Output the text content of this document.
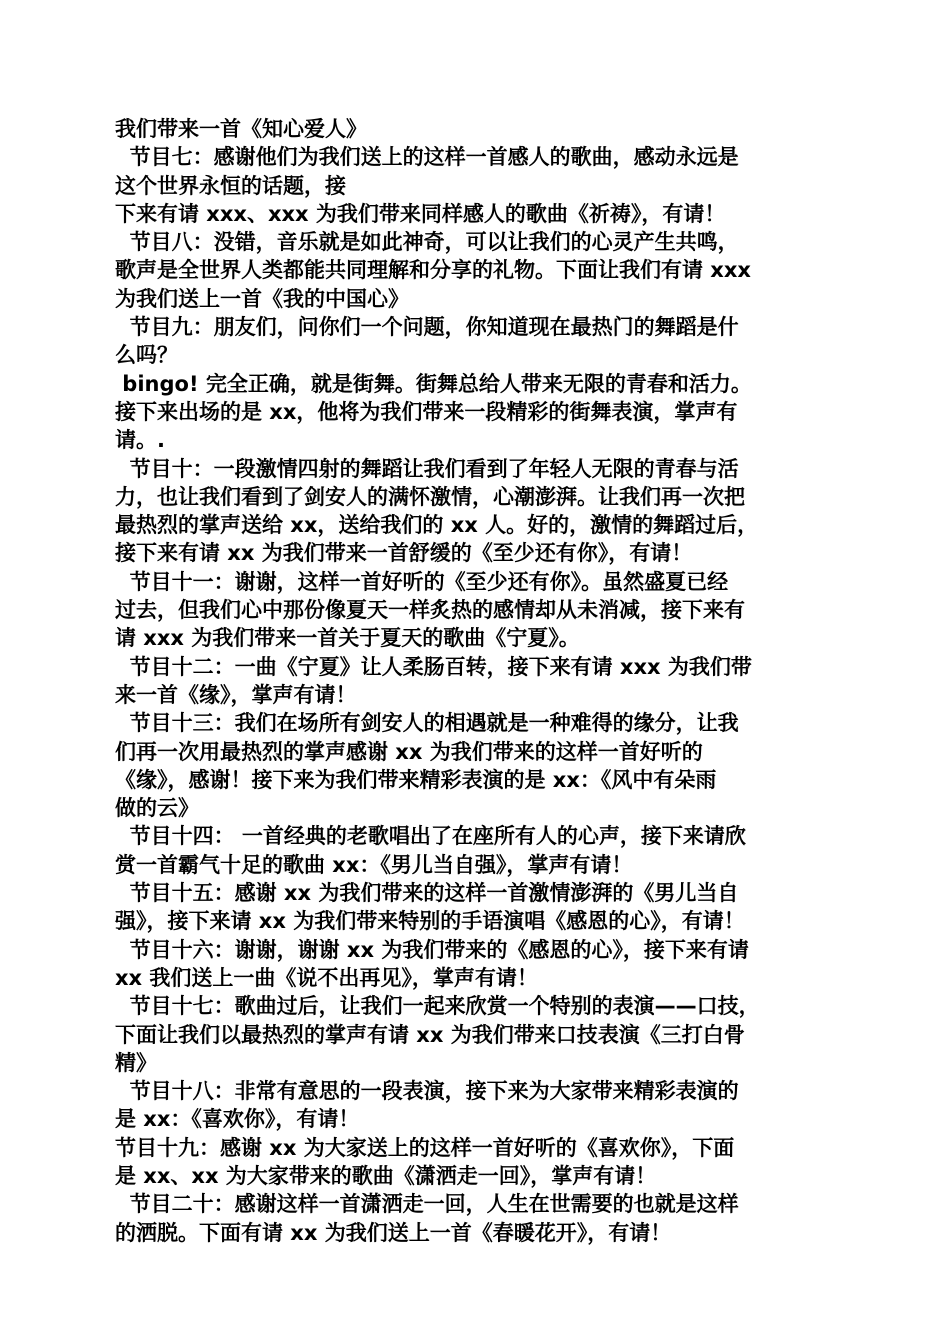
我们带来一首《知心爱人》

节目七：感谢他们为我们送上的这样一首感人的歌曲，感动永远是
这个世界永恒的话题，接

下来有请 xxx、xxx 为我们带来同样感人的歌曲《祈祷》，有请！

节目八：没错，音乐就是如此神奇，可以让我们的心灵产生共鸣，
歌声是全世界人类都能共同理解和分享的礼物。下面让我们有请 xxx
为我们送上一首《我的中国心》

节目九：朋友们，问你们一个问题，你知道现在最热门的舞蹈是什
么吗？

bingo! 完全正确，就是街舞。街舞总给人带来无限的青春和活力。
接下来出场的是 xx，他将为我们带来一段精彩的街舞表演，掌声有
请。.

节目十：一段激情四射的舞蹈让我们看到了年轻人无限的青春与活
力，也让我们看到了剑安人的满怀激情，心潮澎湃。让我们再一次把
最热烈的掌声送给 xx，送给我们的 xx 人。好的，激情的舞蹈过后，
接下来有请 xx 为我们带来一首舒缓的《至少还有你》，有请！

节目十一：谢谢，这样一首好听的《至少还有你》。虽然盛夏已经
过去，但我们心中那份像夏天一样炙热的感情却从未消减，接下来有
请 xxx 为我们带来一首关于夏天的歌曲《宁夏》。

节目十二：一曲《宁夏》让人柔肠百转，接下来有请 xxx 为我们带
来一首《缘》，掌声有请！

节目十三：我们在场所有剑安人的相遇就是一种难得的缘分，让我
们再一次用最热烈的掌声感谢 xx 为我们带来的这样一首好听的
《缘》，感谢！接下来为我们带来精彩表演的是 xx：《风中有朵雨
做的云》

节目十四： 一首经典的老歌唱出了在座所有人的心声，接下来请欣
赏一首霸气十足的歌曲 xx：《男儿当自强》，掌声有请！

节目十五：感谢 xx 为我们带来的这样一首激情澎湃的《男儿当自
强》，接下来请 xx 为我们带来特别的手语演唱《感恩的心》，有请！

节目十六：谢谢，谢谢 xx 为我们带来的《感恩的心》，接下来有请
xx 我们送上一曲《说不出再见》，掌声有请！

节目十七：歌曲过后，让我们一起来欣赏一个特别的表演——口技，
下面让我们以最热烈的掌声有请 xx 为我们带来口技表演《三打白骨
精》

节目十八：非常有意思的一段表演，接下来为大家带来精彩表演的
是 xx：《喜欢你》，有请！

节目十九：感谢 xx 为大家送上的这样一首好听的《喜欢你》，下面
是 xx、xx 为大家带来的歌曲《潇洒走一回》，掌声有请！

节目二十：感谢这样一首潇洒走一回，人生在世需要的也就是这样
的洒脱。下面有请 xx 为我们送上一首《春暖花开》，有请！
